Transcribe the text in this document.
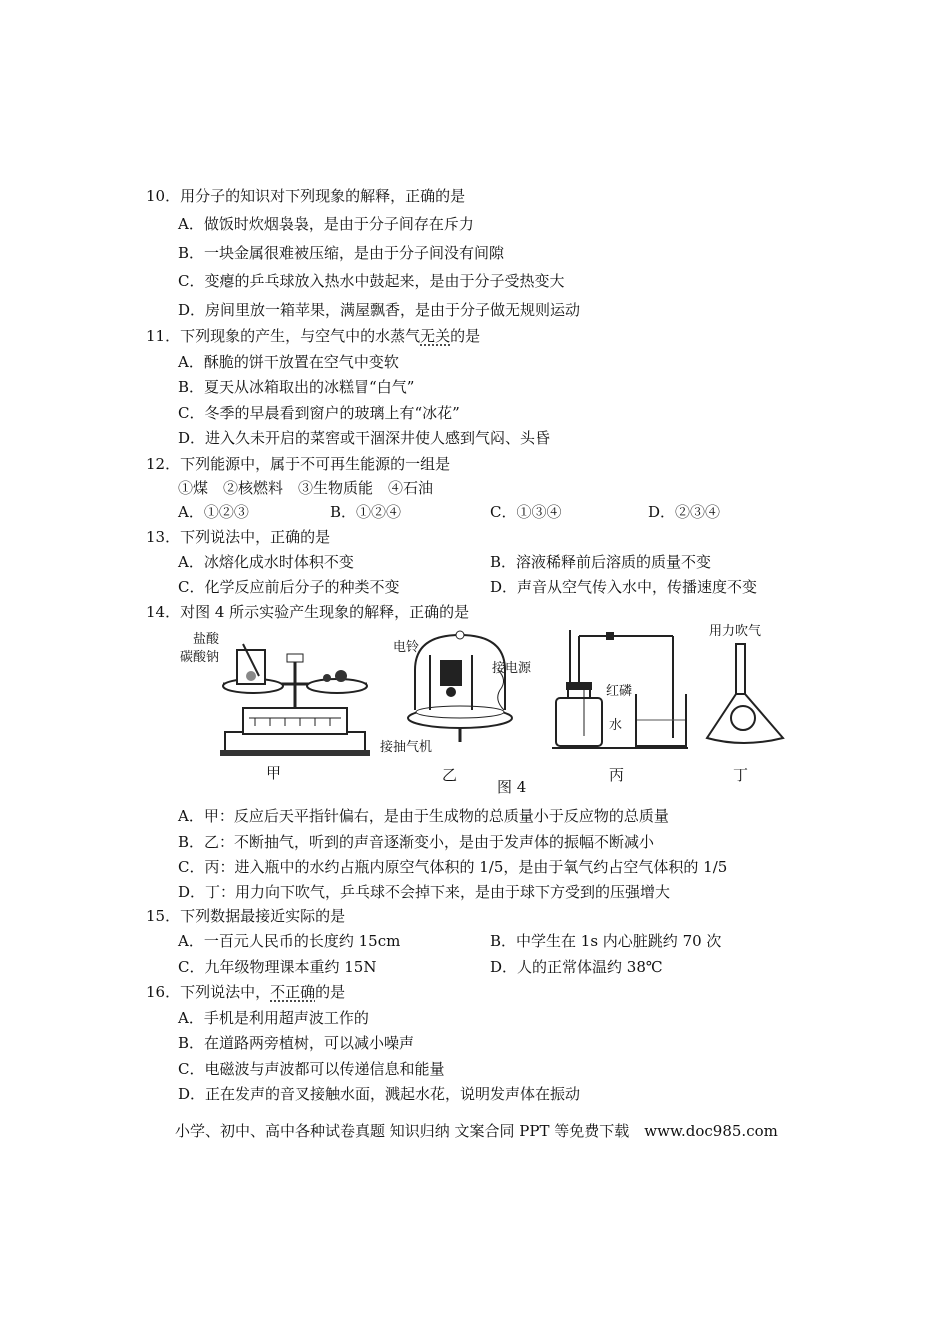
10．用分子的知识对下列现象的解释，正确的是
A．做饭时炊烟袅袅，是由于分子间存在斥力
B．一块金属很难被压缩，是由于分子间没有间隙
C．变瘪的乒乓球放入热水中鼓起来，是由于分子受热变大
D．房间里放一箱苹果，满屋飘香，是由于分子做无规则运动
11．下列现象的产生，与空气中的水蒸气无关的是
A．酥脆的饼干放置在空气中变软
B．夏天从冰箱取出的冰糕冒“白气”
C．冬季的早晨看到窗户的玻璃上有“冰花”
D．进入久未开启的菜窖或干涸深井使人感到气闷、头昏
12．下列能源中，属于不可再生能源的一组是
①煤　②核燃料　③生物质能　④石油
A．①②③	B．①②④	C．①③④	D．②③④
13．下列说法中，正确的是
A．冰熔化成水时体积不变	B．溶液稀释前后溶质的质量不变
C．化学反应前后分子的种类不变	D．声音从空气传入水中，传播速度不变
14．对图 4 所示实验产生现象的解释，正确的是
盐酸
碳酸钠
电铃
接电源
接抽气机
红磷
水
用力吹气
甲	乙	丙	丁
图 4
A．甲：反应后天平指针偏右，是由于生成物的总质量小于反应物的总质量
B．乙：不断抽气，听到的声音逐渐变小，是由于发声体的振幅不断减小
C．丙：进入瓶中的水约占瓶内原空气体积的 1/5，是由于氧气约占空气体积的 1/5
D．丁：用力向下吹气，乒乓球不会掉下来，是由于球下方受到的压强增大
15．下列数据最接近实际的是
A．一百元人民币的长度约 15cm	B．中学生在 1s 内心脏跳约 70 次
C．九年级物理课本重约 15N	D．人的正常体温约 38℃
16．下列说法中，不正确的是
A．手机是利用超声波工作的
B．在道路两旁植树，可以减小噪声
C．电磁波与声波都可以传递信息和能量
D．正在发声的音叉接触水面，溅起水花，说明发声体在振动
小学、初中、高中各种试卷真题 知识归纳 文案合同 PPT 等免费下载　www.doc985.com
